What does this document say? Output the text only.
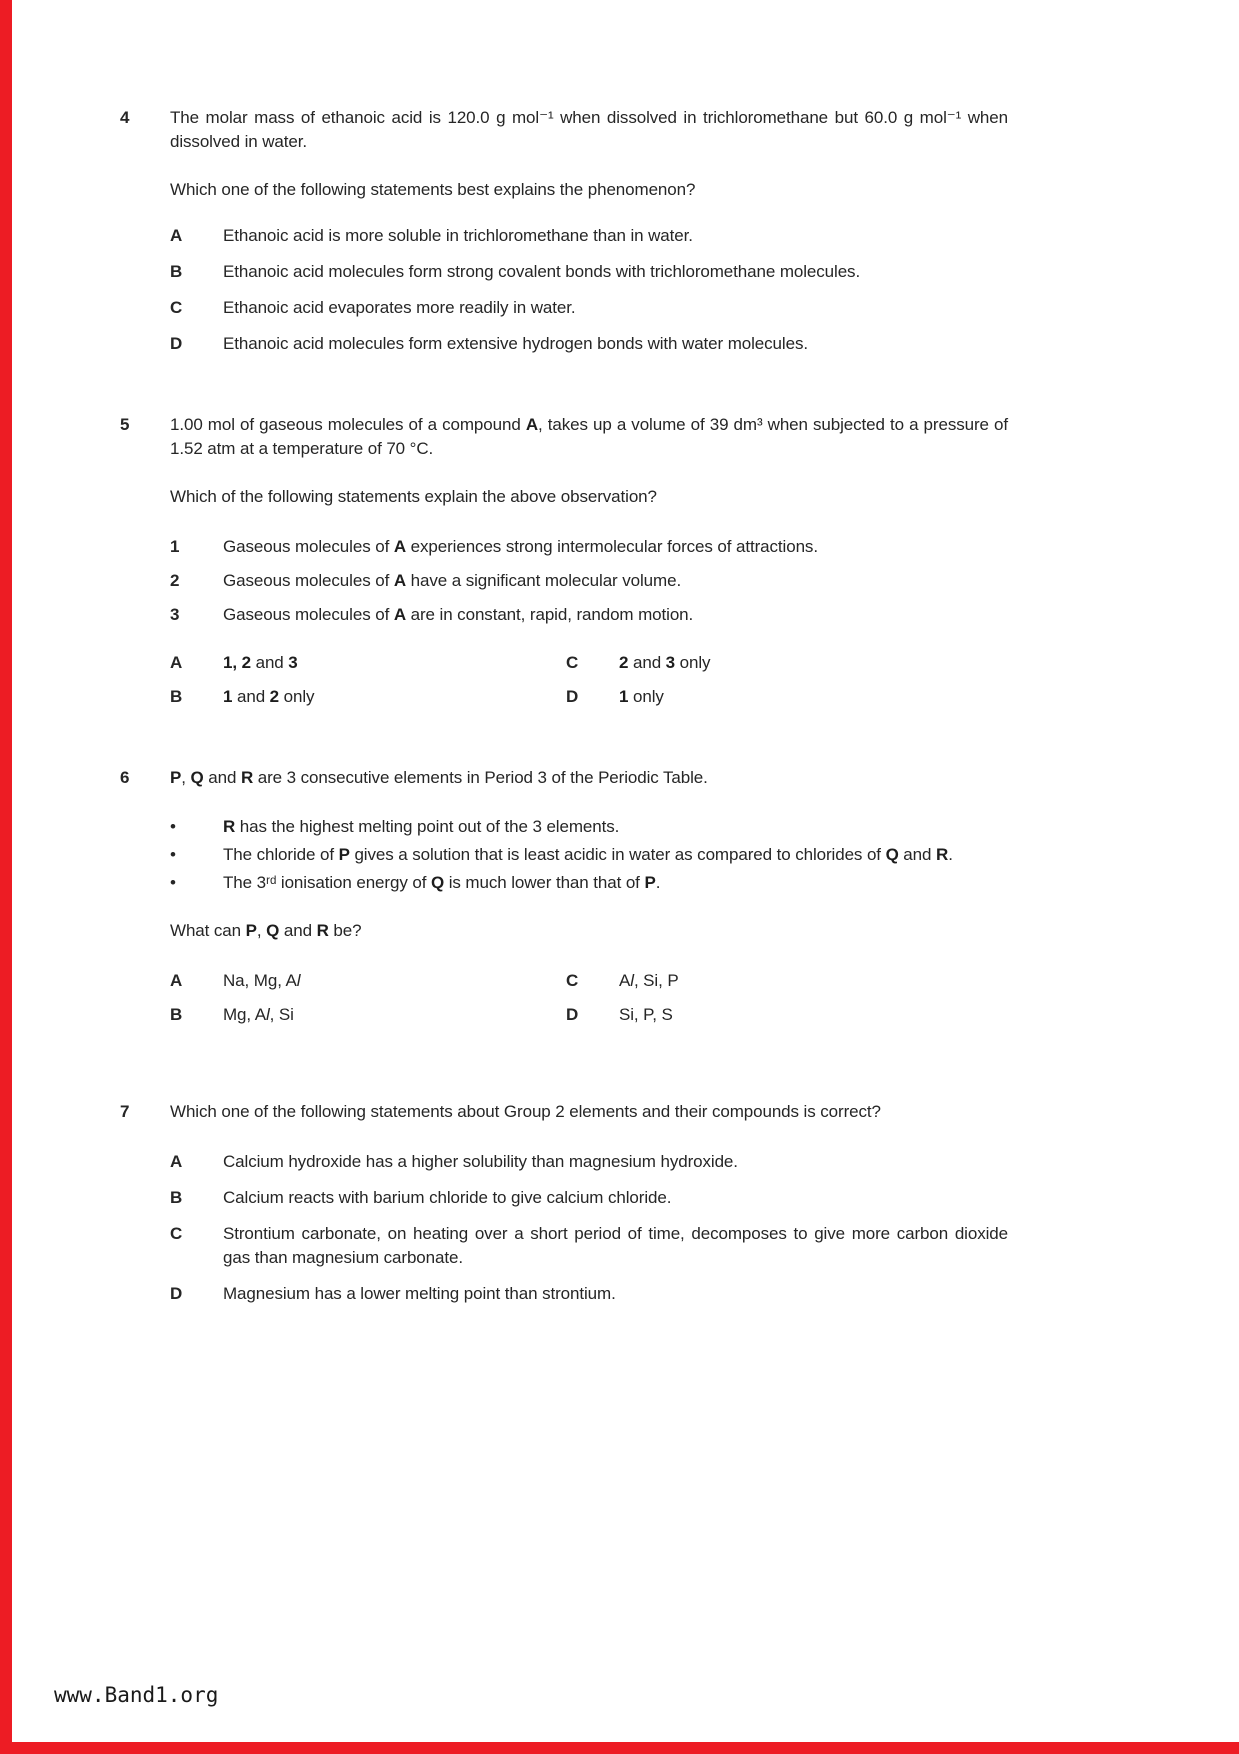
4	The molar mass of ethanoic acid is 120.0 g mol⁻¹ when dissolved in trichloromethane but 60.0 g mol⁻¹ when dissolved in water.

Which one of the following statements best explains the phenomenon?

A	Ethanoic acid is more soluble in trichloromethane than in water.
B	Ethanoic acid molecules form strong covalent bonds with trichloromethane molecules.
C	Ethanoic acid evaporates more readily in water.
D	Ethanoic acid molecules form extensive hydrogen bonds with water molecules.
5	1.00 mol of gaseous molecules of a compound A, takes up a volume of 39 dm³ when subjected to a pressure of 1.52 atm at a temperature of 70 °C.

Which of the following statements explain the above observation?

1	Gaseous molecules of A experiences strong intermolecular forces of attractions.
2	Gaseous molecules of A have a significant molecular volume.
3	Gaseous molecules of A are in constant, rapid, random motion.
A	1, 2 and 3	C	2 and 3 only
B	1 and 2 only	D	1 only
6	P, Q and R are 3 consecutive elements in Period 3 of the Periodic Table.

•	R has the highest melting point out of the 3 elements.
•	The chloride of P gives a solution that is least acidic in water as compared to chlorides of Q and R.
•	The 3ʳᵈ ionisation energy of Q is much lower than that of P.

What can P, Q and R be?

A	Na, Mg, Al	C	Al, Si, P
B	Mg, Al, Si	D	Si, P, S
7	Which one of the following statements about Group 2 elements and their compounds is correct?

A	Calcium hydroxide has a higher solubility than magnesium hydroxide.
B	Calcium reacts with barium chloride to give calcium chloride.
C	Strontium carbonate, on heating over a short period of time, decomposes to give more carbon dioxide gas than magnesium carbonate.
D	Magnesium has a lower melting point than strontium.
www.Band1.org
